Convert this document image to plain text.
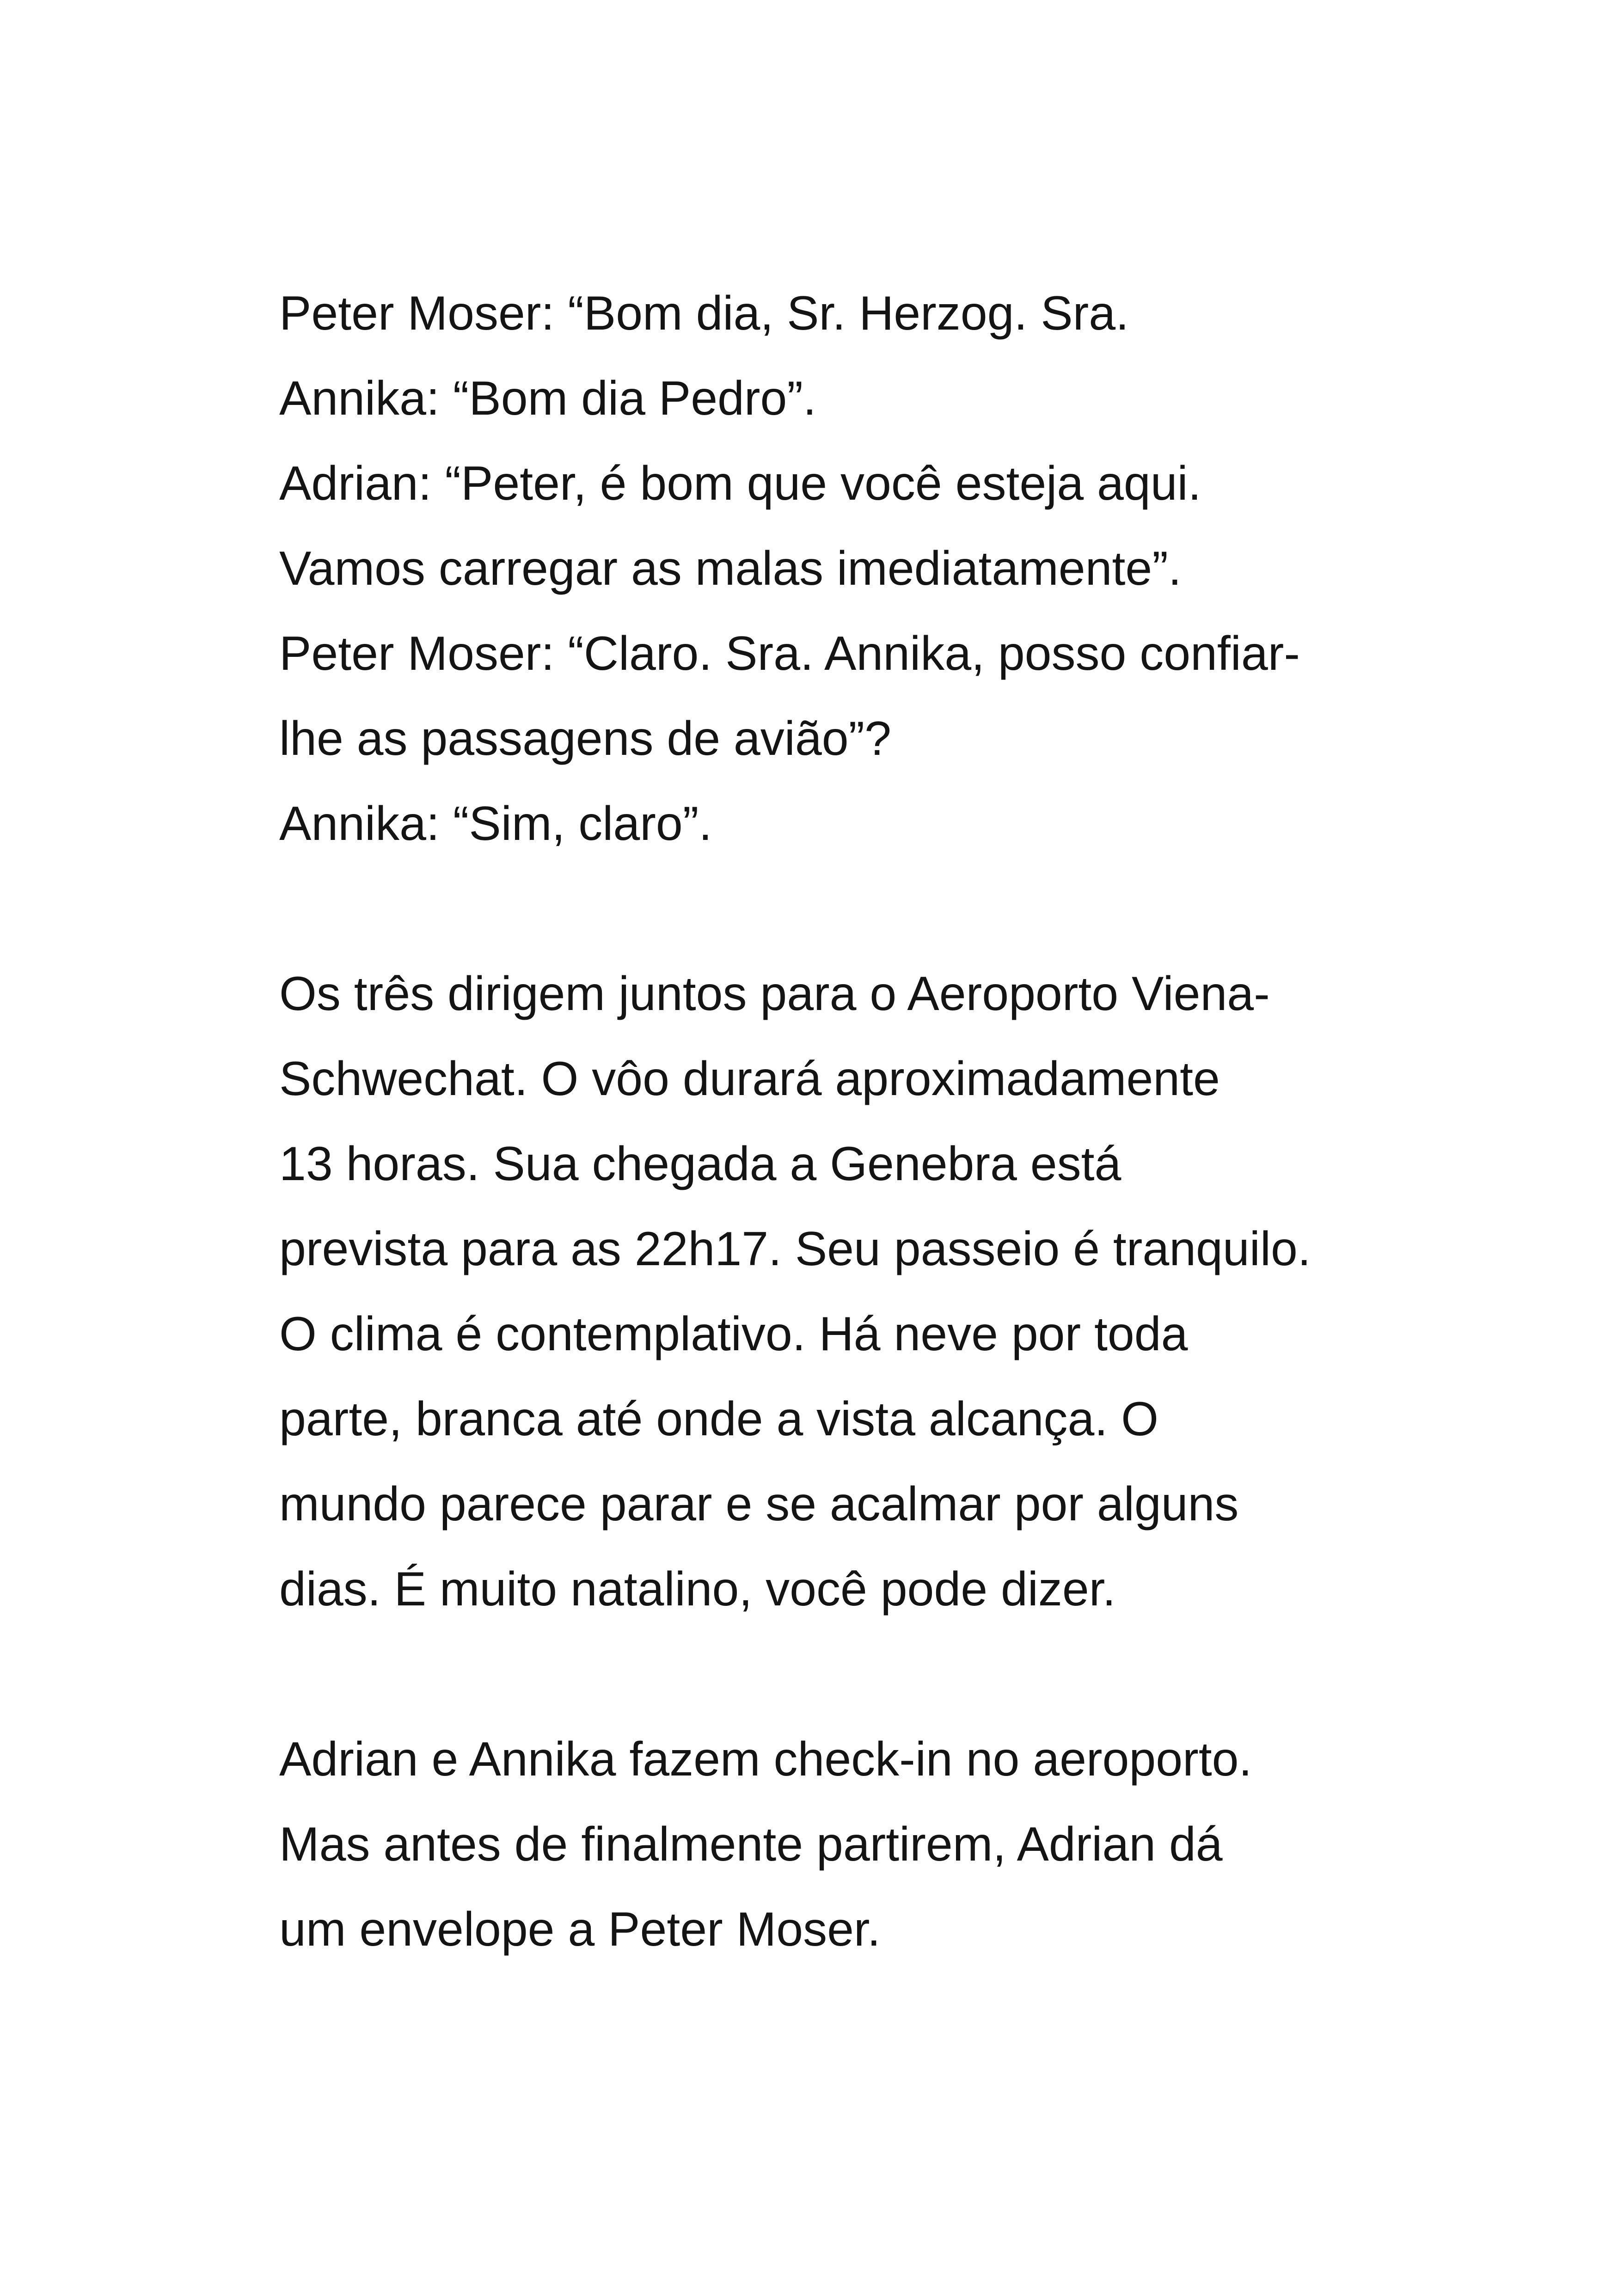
Peter Moser: “Bom dia, Sr. Herzog. Sra.
Annika: “Bom dia Pedro”.
Adrian: “Peter, é bom que você esteja aqui.
Vamos carregar as malas imediatamente”.
Peter Moser: “Claro. Sra. Annika, posso confiar-
lhe as passagens de avião”?
Annika: “Sim, claro”.
Os três dirigem juntos para o Aeroporto Viena-
Schwechat. O vôo durará aproximadamente
13 horas. Sua chegada a Genebra está
prevista para as 22h17. Seu passeio é tranquilo.
O clima é contemplativo. Há neve por toda
parte, branca até onde a vista alcança. O
mundo parece parar e se acalmar por alguns
dias. É muito natalino, você pode dizer.
Adrian e Annika fazem check-in no aeroporto.
Mas antes de finalmente partirem, Adrian dá
um envelope a Peter Moser.
